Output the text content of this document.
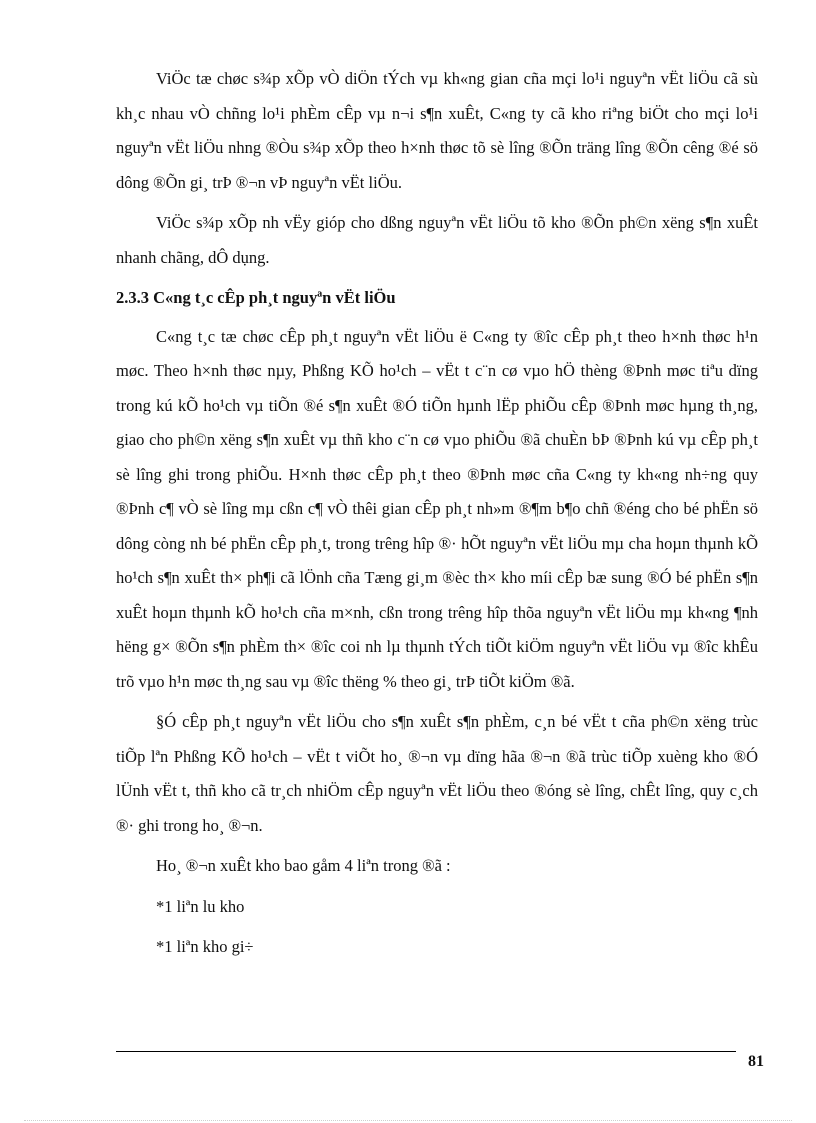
ViÖc tæ chøc s¾p xÕp vÒ diÖn tÝch vµ kh«ng gian cña mçi lo¹i nguyªn vËt liÖu cã sù kh¸c nhau vÒ chñng lo¹i phÈm cÊp vµ n¬i s¶n xuÊt, C«ng ty cã kho riªng biÖt cho mçi lo¹i nguyªn vËt liÖu nhng ®Òu s¾p xÕp theo h×nh thøc tõ sè lîng ®Õn träng lîng ®Õn cêng ®é sö dông ®Õn gi¸ trÞ ®¬n vÞ nguyªn vËt liÖu.

ViÖc s¾p xÕp nh vËy gióp cho dßng nguyªn vËt liÖu tõ kho ®Õn ph©n xëng s¶n xuÊt nhanh chãng, dÔ dụng.

2.3.3 C«ng t¸c cÊp ph¸t nguyªn vËt liÖu

C«ng t¸c tæ chøc cÊp ph¸t nguyªn vËt liÖu ë C«ng ty ®îc cÊp ph¸t theo h×nh thøc h¹n møc. Theo h×nh thøc nµy, Phßng KÕ ho¹ch – vËt t c¨n cø vµo hÖ thèng ®Þnh møc tiªu dïng trong kú kÕ ho¹ch vµ tiÕn ®é s¶n xuÊt ®Ó tiÕn hµnh lËp phiÕu cÊp ®Þnh møc hµng th¸ng, giao cho ph©n xëng s¶n xuÊt vµ thñ kho c¨n cø vµo phiÕu ®ã chuÈn bÞ ®Þnh kú vµ cÊp ph¸t sè lîng ghi trong phiÕu. H×nh thøc cÊp ph¸t theo ®Þnh møc cña C«ng ty kh«ng nh÷ng quy ®Þnh c¶ vÒ sè lîng mµ cßn c¶ vÒ thêi gian cÊp ph¸t nh»m ®¶m b¶o chñ ®éng cho bé phËn sö dông còng nh bé phËn cÊp ph¸t, trong trêng hîp ®· hÕt nguyªn vËt liÖu mµ cha hoµn thµnh kÕ ho¹ch s¶n xuÊt th× ph¶i cã lÖnh cña Tæng gi¸m ®èc th× kho míi cÊp bæ sung ®Ó bé phËn s¶n xuÊt hoµn thµnh kÕ ho¹ch cña m×nh, cßn trong trêng hîp thõa nguyªn vËt liÖu mµ kh«ng ¶nh hëng g× ®Õn s¶n phÈm th× ®îc coi nh lµ thµnh tÝch tiÕt kiÖm nguyªn vËt liÖu vµ ®îc khÊu trõ vµo h¹n møc th¸ng sau vµ ®îc thëng % theo gi¸ trÞ tiÕt kiÖm ®ã.

§Ó cÊp ph¸t nguyªn vËt liÖu cho s¶n xuÊt s¶n phÈm, c¸n bé vËt t cña ph©n xëng trùc tiÕp lªn Phßng KÕ ho¹ch – vËt t viÕt ho¸ ®¬n vµ dïng hãa ®¬n ®ã trùc tiÕp xuèng kho ®Ó lÜnh vËt t, thñ kho cã tr¸ch nhiÖm cÊp nguyªn vËt liÖu theo ®óng sè lîng, chÊt lîng, quy c¸ch ®· ghi trong ho¸ ®¬n.

Ho¸ ®¬n xuÊt kho bao gåm 4 liªn trong ®ã :

*1 liªn lu kho

*1 liªn kho gi÷

81
